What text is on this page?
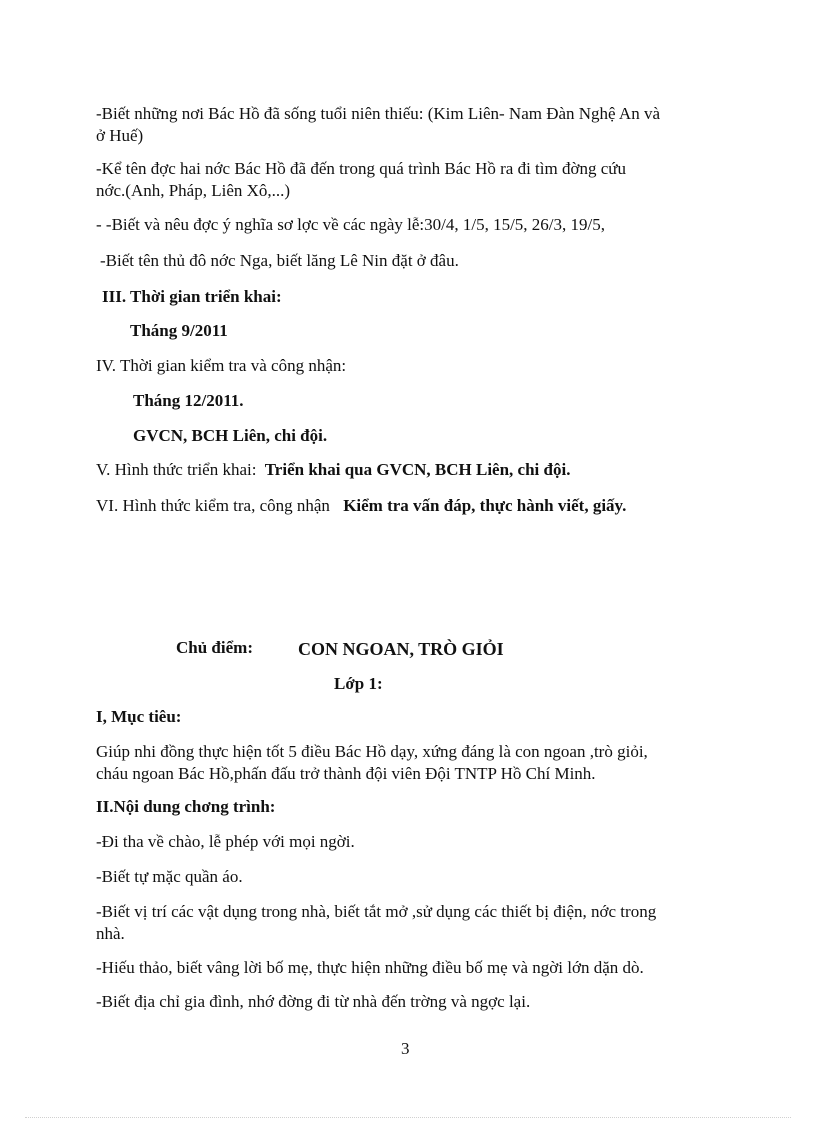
-Biết những nơi Bác Hồ đã sống tuổi niên thiếu: (Kim Liên- Nam Đàn Nghệ An và
ở Huế)
-Kể tên đợc hai nớc Bác Hồ đã đến trong quá trình Bác Hồ ra đi tìm đờng cứu
nớc.(Anh, Pháp, Liên Xô,...)
- -Biết và nêu đợc ý nghĩa sơ lợc về các ngày lễ:30/4, 1/5, 15/5, 26/3, 19/5,
-Biết tên thủ đô nớc Nga, biết lăng Lê Nin đặt ở đâu.
III. Thời gian triển khai:
Tháng 9/2011
IV. Thời gian kiểm tra và công nhận:
Tháng 12/2011.
GVCN, BCH Liên, chi đội.
V. Hình thức triển khai: Triển khai qua GVCN, BCH Liên, chi đội.
VI. Hình thức kiểm tra, công nhận Kiểm tra vấn đáp, thực hành viết, giấy.
Chủ điểm:	CON NGOAN, TRÒ GIỎI
Lớp 1:
I, Mục tiêu:
Giúp nhi đồng thực hiện tốt 5 điều Bác Hồ dạy, xứng đáng là con ngoan ,trò giỏi,
cháu ngoan Bác Hồ,phấn đấu trở thành đội viên Đội TNTP Hồ Chí Minh.
II.Nội dung chơng trình:
-Đi tha về chào, lễ phép với mọi ngời.
-Biết tự mặc quần áo.
-Biết vị trí các vật dụng trong nhà, biết tắt mở ,sử dụng các thiết bị điện, nớc trong
nhà.
-Hiếu thảo, biết vâng lời bố mẹ, thực hiện những điều bố mẹ và ngời lớn dặn dò.
-Biết địa chỉ gia đình, nhớ đờng đi từ nhà đến trờng và ngợc lại.
3
